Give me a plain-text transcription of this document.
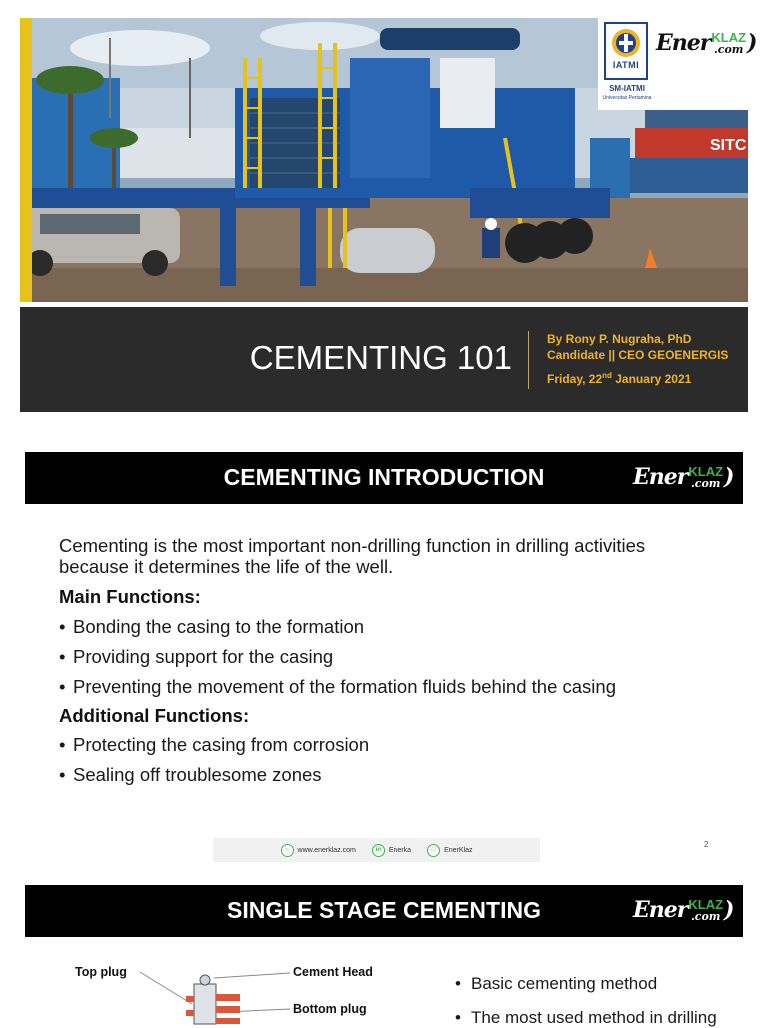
SITC
IATMI
SM-IATMI
Universitas Pertamina
Ener KLAZ
.com )
CEMENTING 101	By Rony P. Nugraha, PhD Candidate || CEO GEOENERGIS
Friday, 22nd January 2021
CEMENTING INTRODUCTION	Ener KLAZ
.com )
Cementing is the most important non-drilling function in drilling activities because it determines the life of the well.
Main Functions:
• Bonding the casing to the formation
• Providing support for the casing
• Preventing the movement of the formation fluids behind the casing
Additional Functions:
• Protecting the casing from corrosion
• Sealing off troublesome zones
○	www.enerklaz.com	in	Enerka	□	EnerKlaz
2
SINGLE STAGE CEMENTING	Ener KLAZ
.com )
Top plug	Cement Head
Bottom plug
• Basic cementing method
• The most used method in drilling
